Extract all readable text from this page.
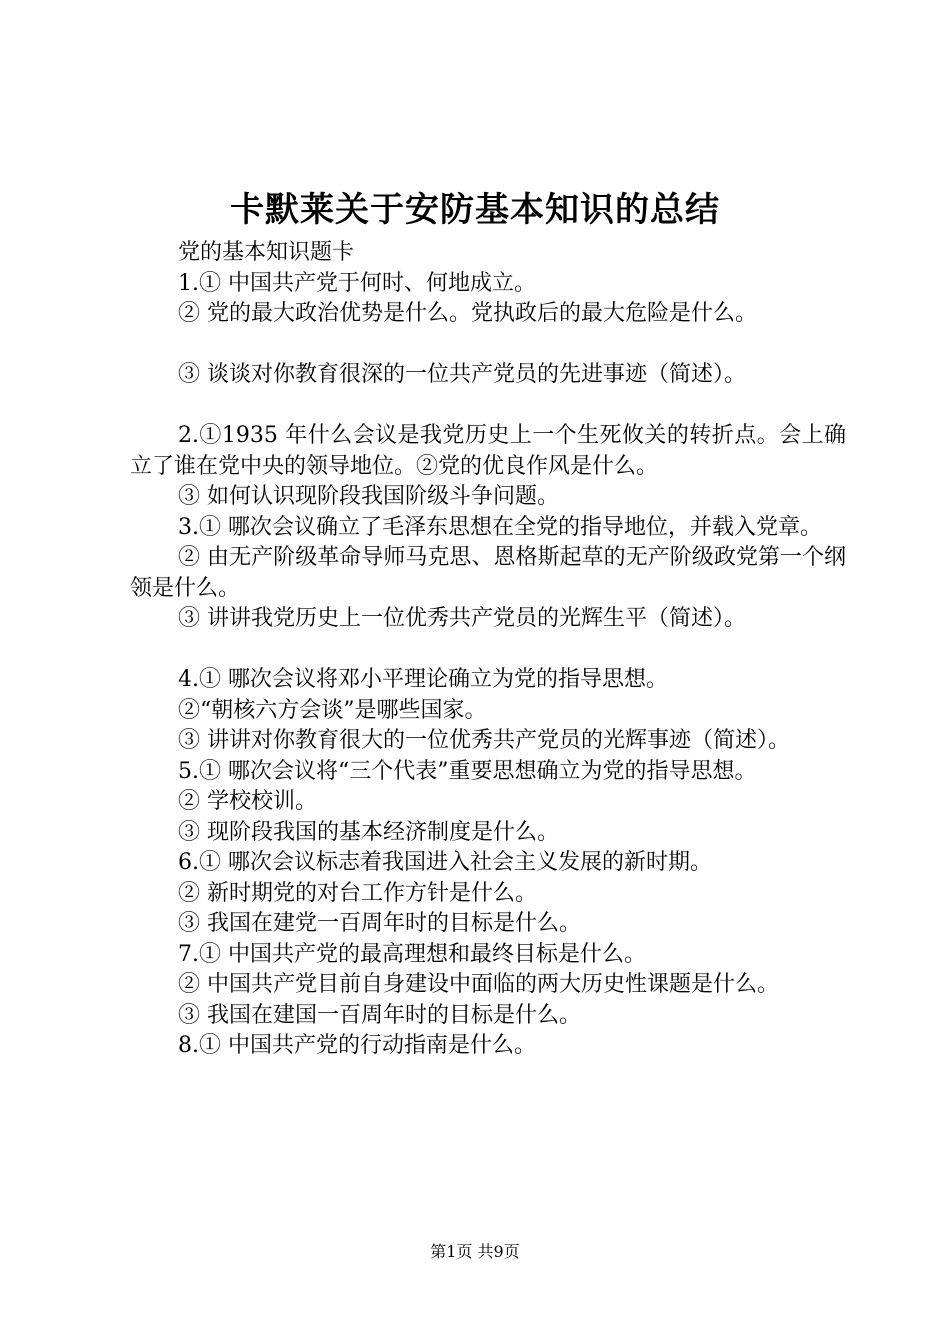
卡默莱关于安防基本知识的总结

党的基本知识题卡

1.① 中国共产党于何时、何地成立。

② 党的最大政治优势是什么。党执政后的最大危险是什么。

③ 谈谈对你教育很深的一位共产党员的先进事迹（简述）。

2.①1935 年什么会议是我党历史上一个生死攸关的转折点。会上确立了谁在党中央的领导地位。②党的优良作风是什么。

③ 如何认识现阶段我国阶级斗争问题。

3.① 哪次会议确立了毛泽东思想在全党的指导地位，并载入党章。

② 由无产阶级革命导师马克思、恩格斯起草的无产阶级政党第一个纲领是什么。

③ 讲讲我党历史上一位优秀共产党员的光辉生平（简述）。

4.① 哪次会议将邓小平理论确立为党的指导思想。

②“朝核六方会谈”是哪些国家。

③ 讲讲对你教育很大的一位优秀共产党员的光辉事迹（简述）。

5.① 哪次会议将“三个代表”重要思想确立为党的指导思想。

② 学校校训。

③ 现阶段我国的基本经济制度是什么。

6.① 哪次会议标志着我国进入社会主义发展的新时期。

② 新时期党的对台工作方针是什么。

③ 我国在建党一百周年时的目标是什么。

7.① 中国共产党的最高理想和最终目标是什么。

② 中国共产党目前自身建设中面临的两大历史性课题是什么。

③ 我国在建国一百周年时的目标是什么。

8.① 中国共产党的行动指南是什么。

第1页 共9页
